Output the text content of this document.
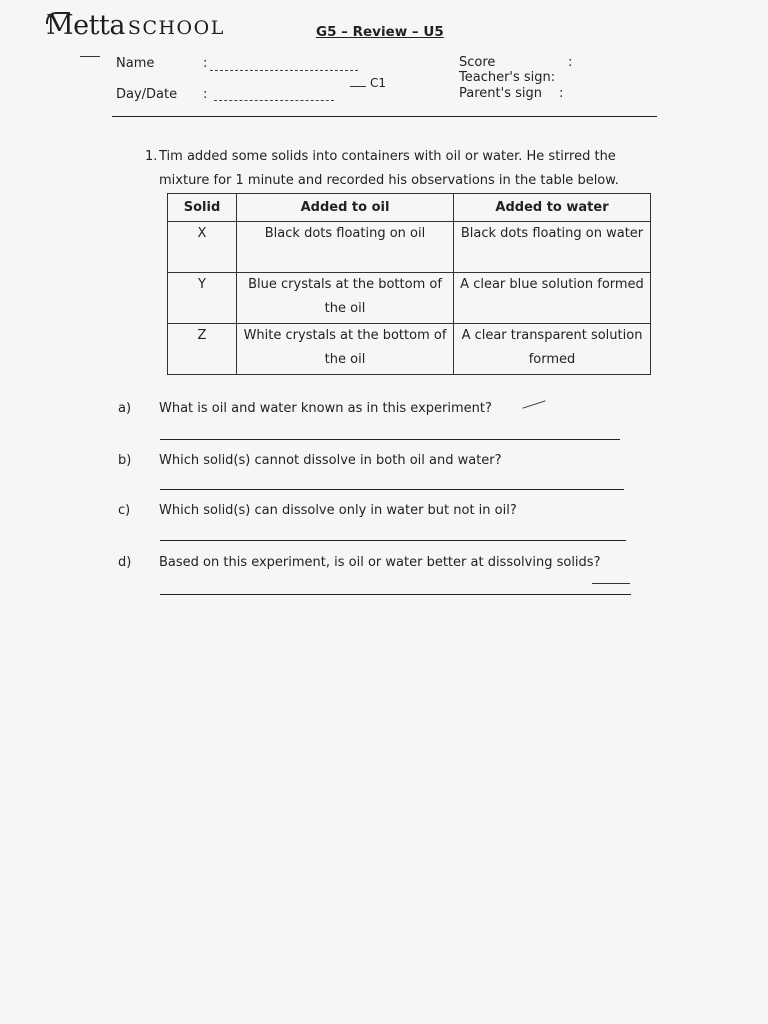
Metta SCHOOL	G5 – Review – U5
Name	:
Day/Date :
C1
Score	:
Teacher's sign:
Parent's sign :
1. Tim added some solids into containers with oil or water. He stirred the
mixture for 1 minute and recorded his observations in the table below.
Solid	Added to oil	Added to water
X	Black dots floating on oil	Black dots floating on water
Y	Blue crystals at the bottom of the oil	A clear blue solution formed
Z	White crystals at the bottom of the oil	A clear transparent solution formed
a) What is oil and water known as in this experiment?
b) Which solid(s) cannot dissolve in both oil and water?
c) Which solid(s) can dissolve only in water but not in oil?
d) Based on this experiment, is oil or water better at dissolving solids?
